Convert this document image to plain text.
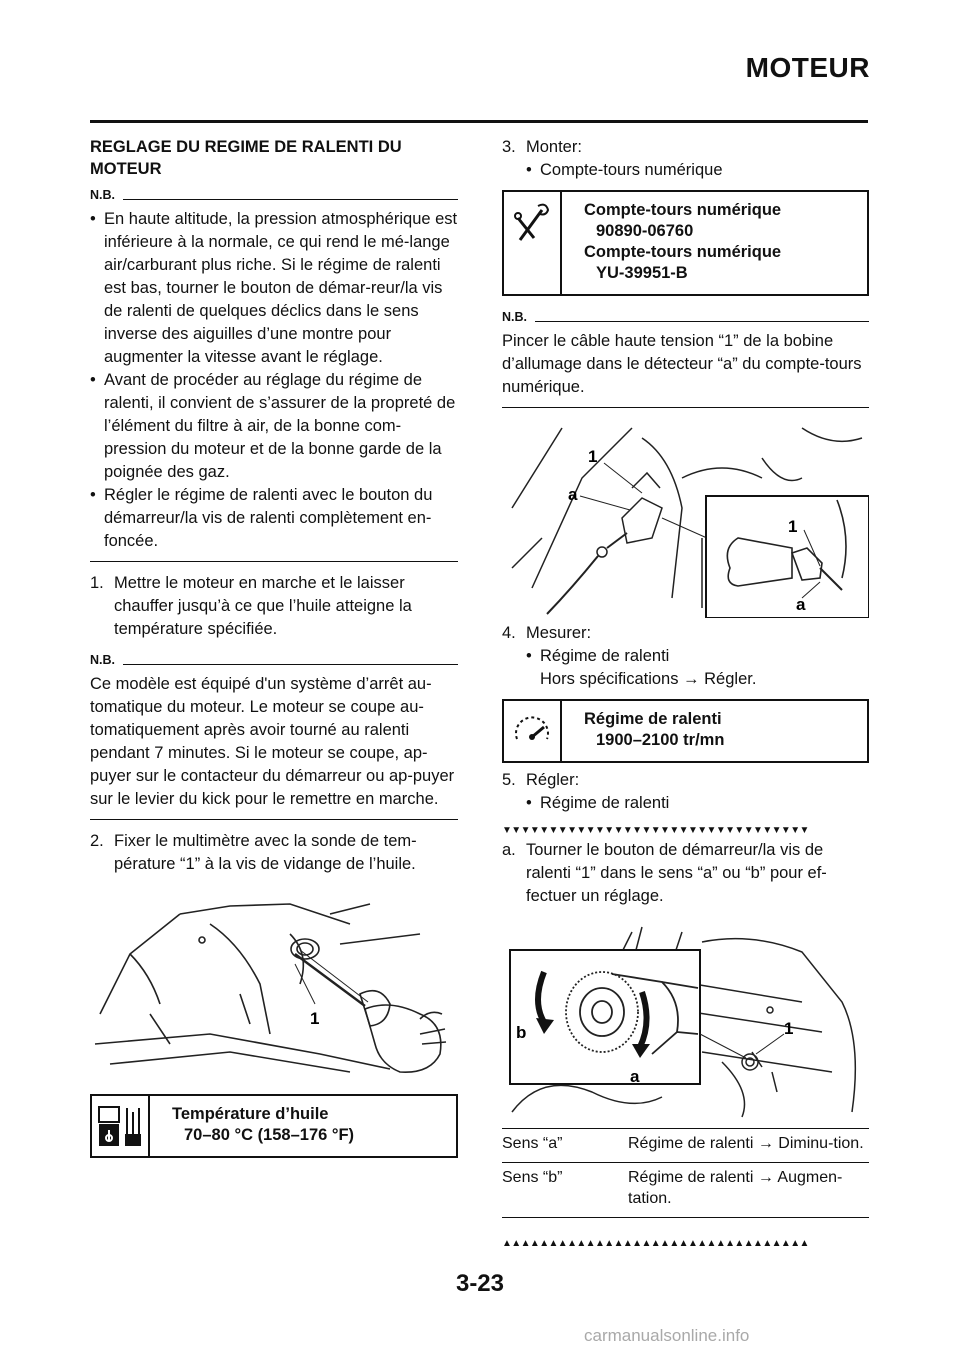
MOTEUR
REGLAGE DU REGIME DE RALENTI DU MOTEUR
N.B.

• En haute altitude, la pression atmosphérique est inférieure à la normale, ce qui rend le mé-lange air/carburant plus riche. Si le régime de ralenti est bas, tourner le bouton de démar-reur/la vis de ralenti de quelques déclics dans le sens inverse des aiguilles d’une montre pour augmenter la vitesse avant le réglage.

• Avant de procéder au réglage du régime de ralenti, il convient de s’assurer de la propreté de l’élément du filtre à air, de la bonne com-pression du moteur et de la bonne garde de la poignée des gaz.

• Régler le régime de ralenti avec le bouton du démarreur/la vis de ralenti complètement en-foncée.

1. Mettre le moteur en marche et le laisser chauffer jusqu’à ce que l’huile atteigne la température spécifiée.

N.B.

Ce modèle est équipé d'un système d’arrêt au-tomatique du moteur. Le moteur se coupe au-tomatiquement après avoir tourné au ralenti pendant 7 minutes. Si le moteur se coupe, ap-puyer sur le contacteur du démarreur ou ap-puyer sur le levier du kick pour le remettre en marche.

2. Fixer le multimètre avec la sonde de tem-pérature “1” à la vis de vidange de l’huile.

1
Température d’huile
70–80 °C (158–176 °F)

3. Monter:

• Compte-tours numérique

Compte-tours numérique
90890-06760
Compte-tours numérique
YU-39951-B
N.B.

Pincer le câble haute tension “1” de la bobine d’allumage dans le détecteur “a” du compte-tours numérique.

1
a
1
a

4. Mesurer:

• Régime de ralenti

Hors spécifications → Régler.

Régime de ralenti
1900–2100 tr/mn

5. Régler:

• Régime de ralenti

▼▼▼▼▼▼▼▼▼▼▼▼▼▼▼▼▼▼▼▼▼▼▼▼▼▼▼▼▼▼▼▼▼

a. Tourner le bouton de démarreur/la vis de ralenti “1” dans le sens “a” ou “b” pour ef-fectuer un réglage.

1
a
b
Sens “a”	Régime de ralenti → Diminu-tion.
Sens “b”	Régime de ralenti → Augmen-tation.
▲▲▲▲▲▲▲▲▲▲▲▲▲▲▲▲▲▲▲▲▲▲▲▲▲▲▲▲▲▲▲▲▲
3-23
carmanualsonline.info
